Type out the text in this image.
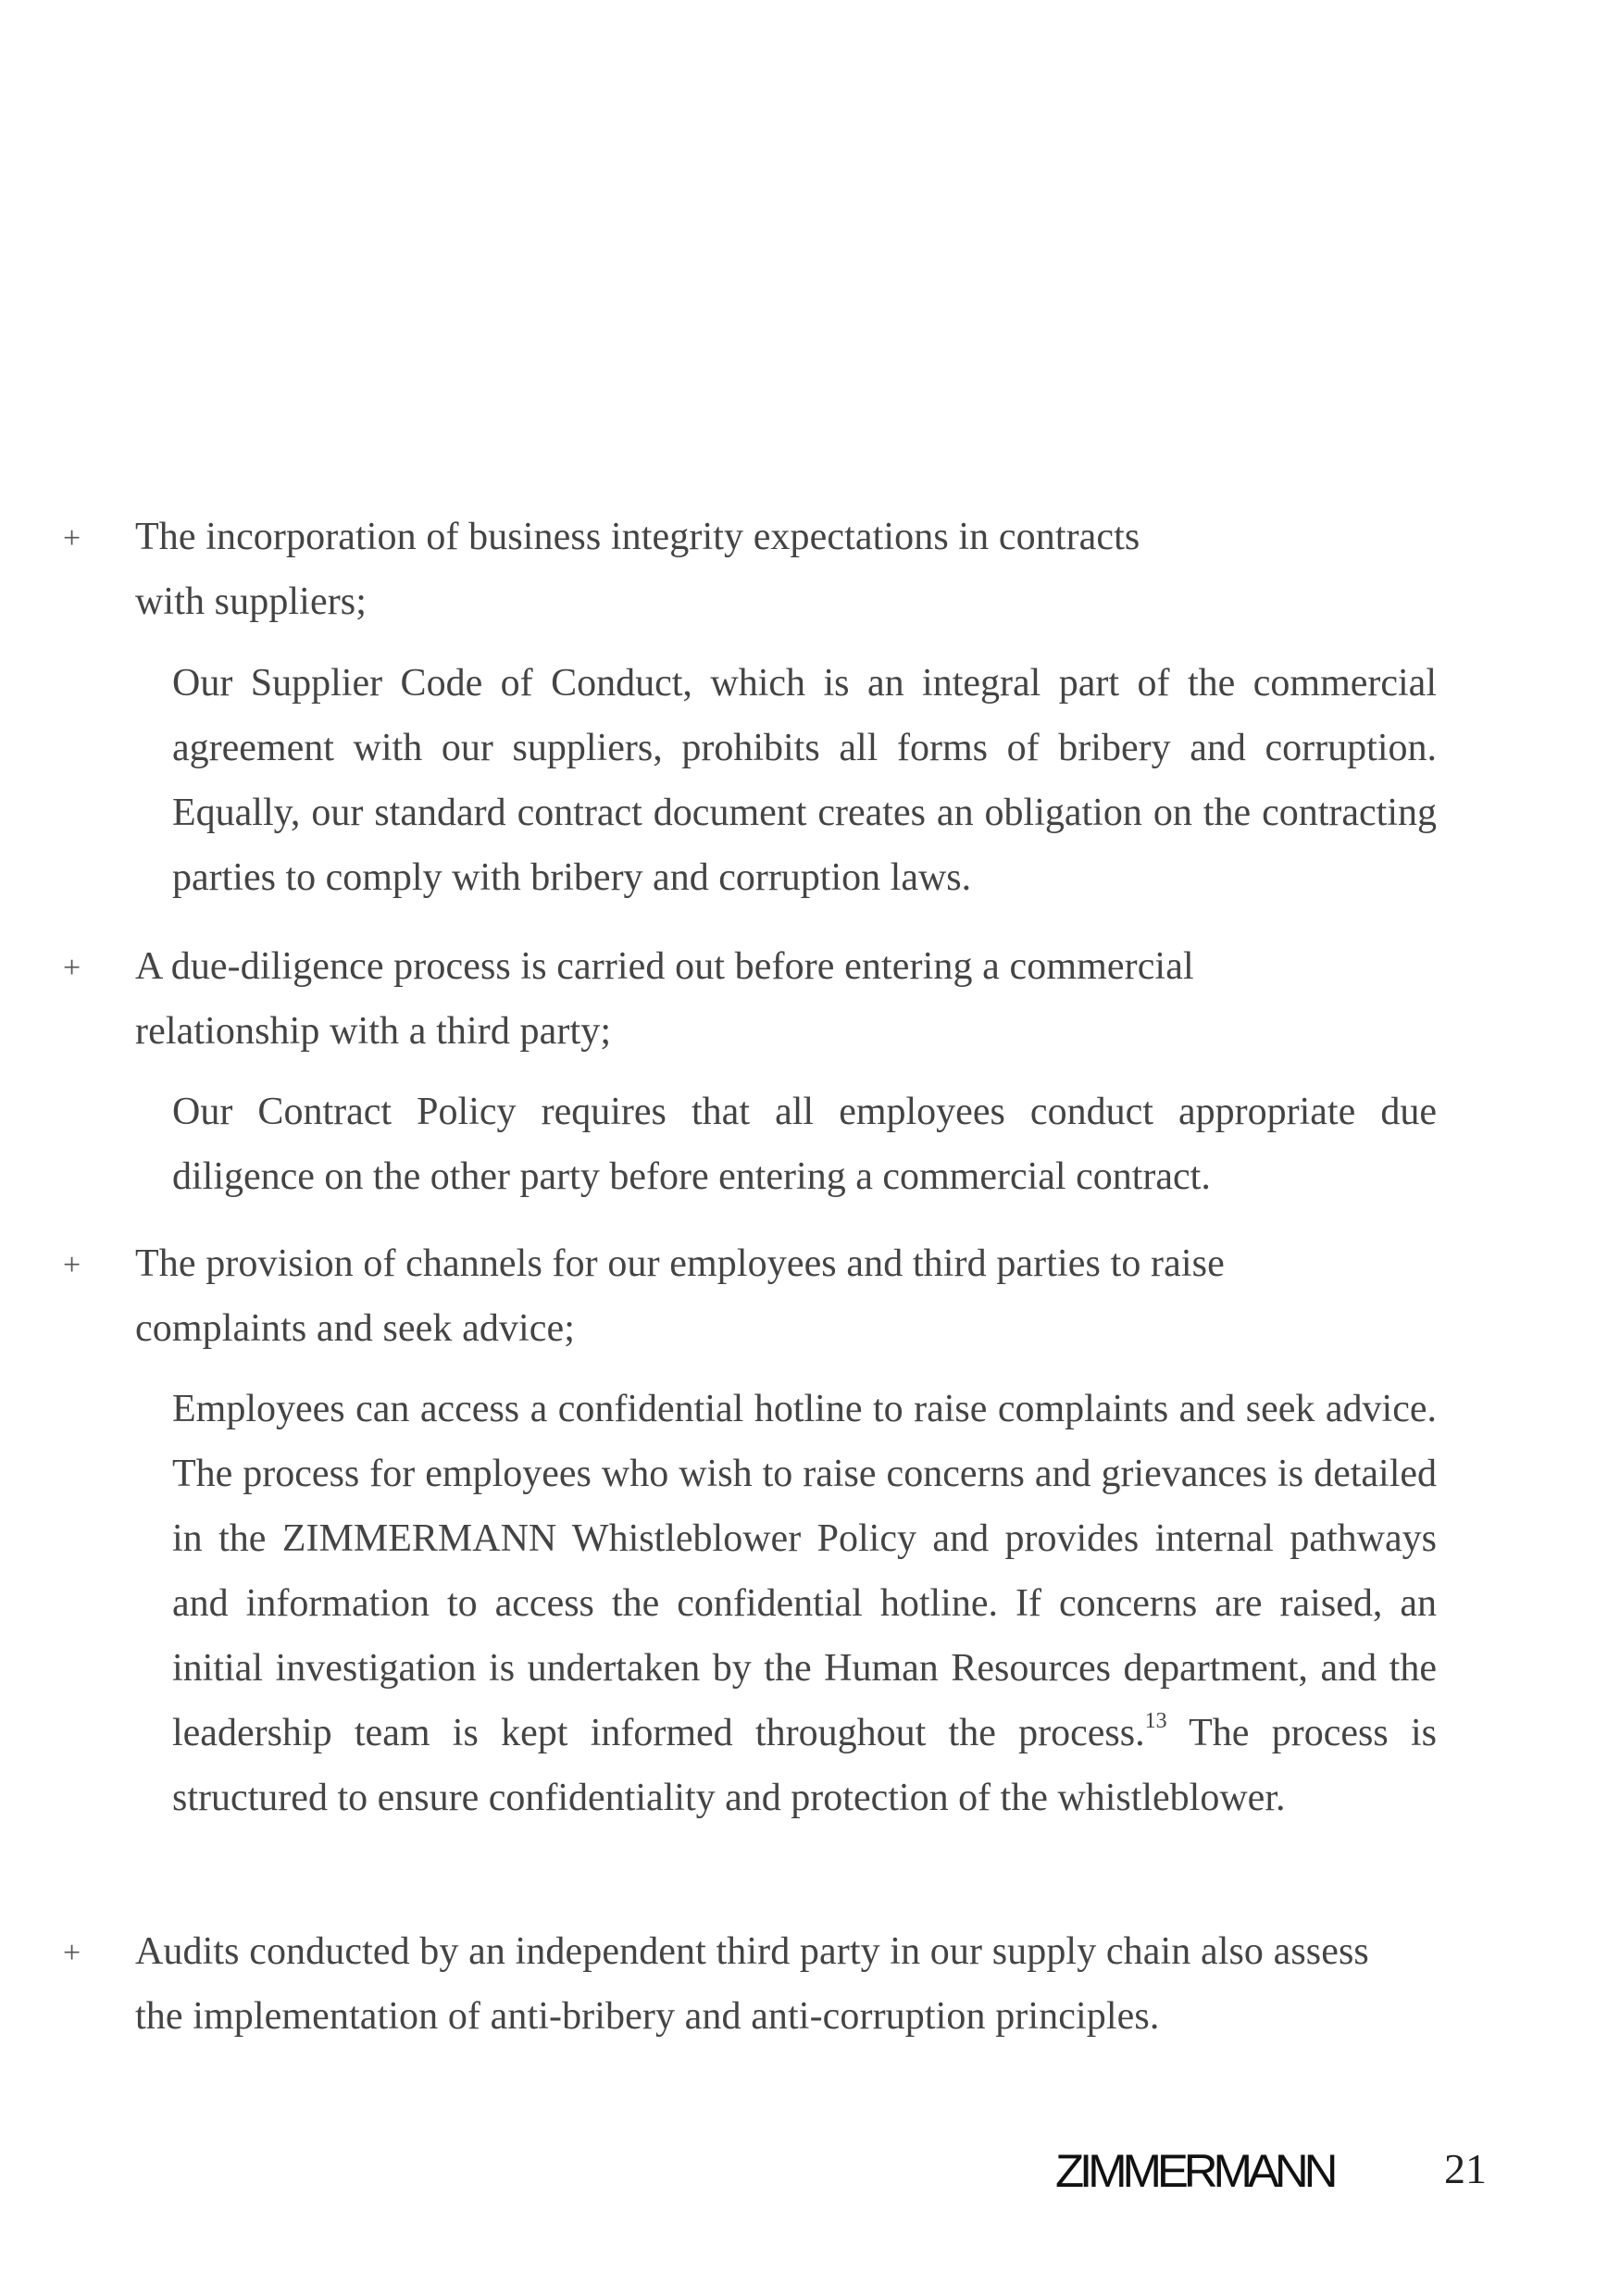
+ The incorporation of business integrity expectations in contracts
with suppliers;
Our Supplier Code of Conduct, which is an integral part of the commercial agreement with our suppliers, prohibits all forms of bribery and corruption. Equally, our standard contract document creates an obligation on the contracting parties to comply with bribery and corruption laws.
+ A due-diligence process is carried out before entering a commercial
relationship with a third party;
Our Contract Policy requires that all employees conduct appropriate due diligence on the other party before entering a commercial contract.
+ The provision of channels for our employees and third parties to raise
complaints and seek advice;
Employees can access a confidential hotline to raise complaints and seek advice. The process for employees who wish to raise concerns and grievances is detailed in the ZIMMERMANN Whistleblower Policy and provides internal pathways and information to access the confidential hotline. If concerns are raised, an initial investigation is undertaken by the Human Resources department, and the leadership team is kept informed throughout the process.$^{13}$ The process is structured to ensure confidentiality and protection of the whistleblower.
+ Audits conducted by an independent third party in our supply chain also assess
the implementation of anti-bribery and anti-corruption principles.
ZIMMERMANN	21
